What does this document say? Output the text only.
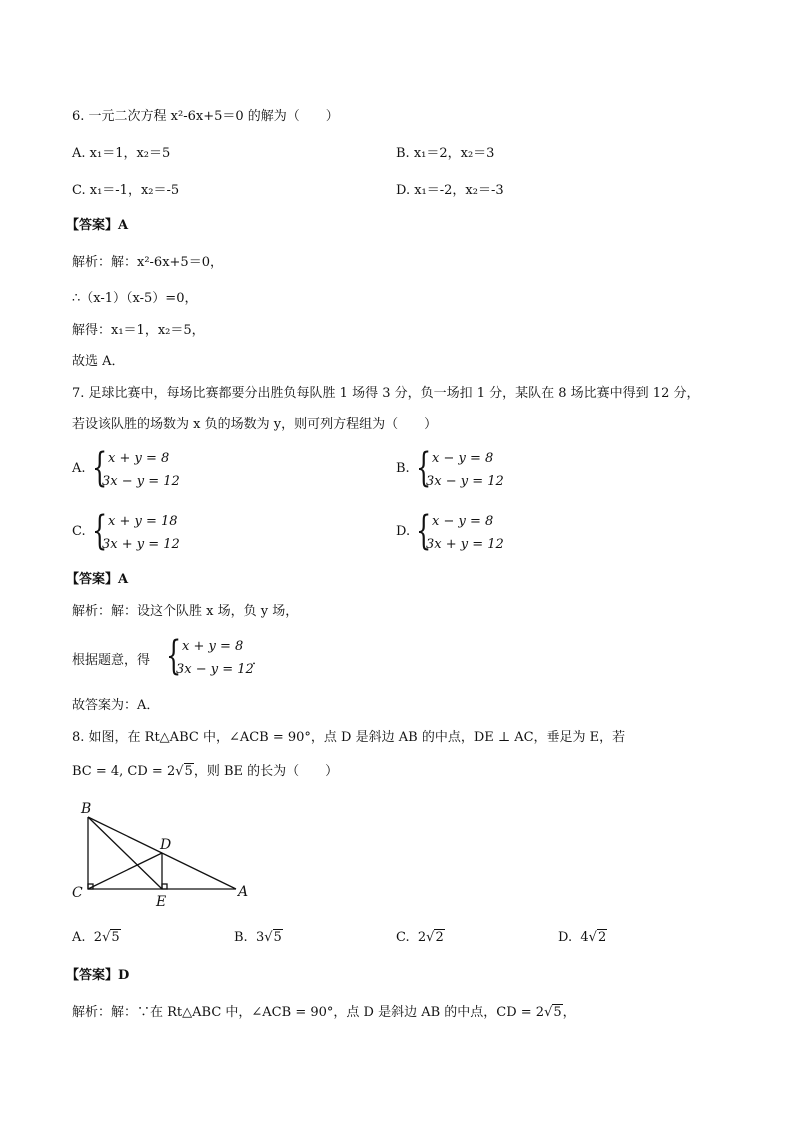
6. 一元二次方程 x²-6x+5＝0 的解为（　　）
A. x₁＝1，x₂＝5	B. x₁＝2，x₂＝3
C. x₁＝-1，x₂＝-5	D. x₁＝-2，x₂＝-3
【答案】A
解析：解：x²-6x+5＝0，
∴（x-1）（x-5）=0，
解得：x₁＝1，x₂＝5，
故选 A．
7. 足球比赛中，每场比赛都要分出胜负每队胜 1 场得 3 分，负一场扣 1 分，某队在 8 场比赛中得到 12 分，
若设该队胜的场数为 x 负的场数为 y，则可列方程组为（　　）
A. { x + y = 8
3x − y = 12
B. { x − y = 8
3x − y = 12
C. { x + y = 18
3x + y = 12
D. { x − y = 8
3x + y = 12
【答案】A
解析：解：设这个队胜 x 场，负 y 场，
根据题意，得 { x + y = 8
3x − y = 12
．
故答案为：A．
8. 如图，在 Rt△ABC 中，∠ACB = 90°，点 D 是斜边 AB 的中点，DE ⊥ AC，垂足为 E，若
BC = 4, CD = 2√5，则 BE 的长为（　　）
B
D
C
E
A
A. 2√5	B. 3√5	C. 2√2	D. 4√2
【答案】D
解析：解：∵在 Rt△ABC 中，∠ACB = 90°，点 D 是斜边 AB 的中点，CD = 2√5，
